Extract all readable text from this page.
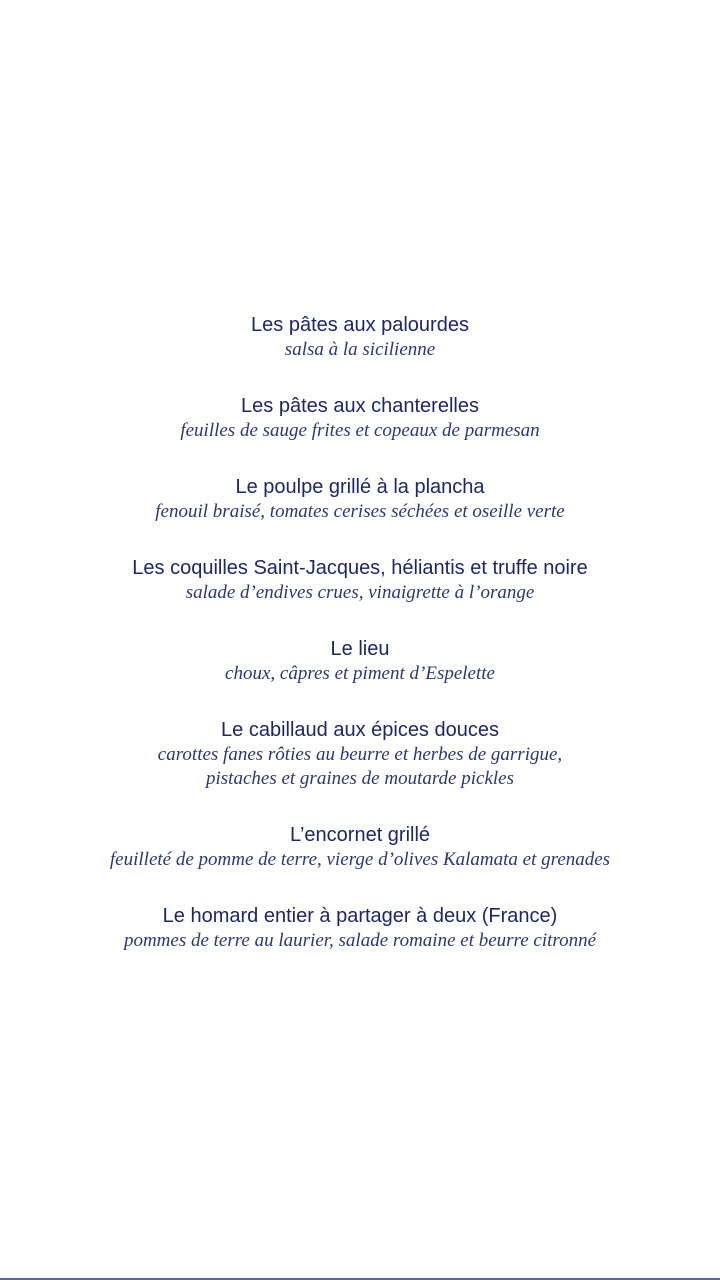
Les pâtes aux palourdes
salsa à la sicilienne
Les pâtes aux chanterelles
feuilles de sauge frites et copeaux de parmesan
Le poulpe grillé à la plancha
fenouil braisé, tomates cerises séchées et oseille verte
Les coquilles Saint-Jacques, héliantis et truffe noire
salade d’endives crues, vinaigrette à l’orange
Le lieu
choux, câpres et piment d’Espelette
Le cabillaud aux épices douces
carottes fanes rôties au beurre et herbes de garrigue,
pistaches et graines de moutarde pickles
L’encornet grillé
feuilleté de pomme de terre, vierge d’olives Kalamata et grenades
Le homard entier à partager à deux (France)
pommes de terre au laurier, salade romaine et beurre citronné
